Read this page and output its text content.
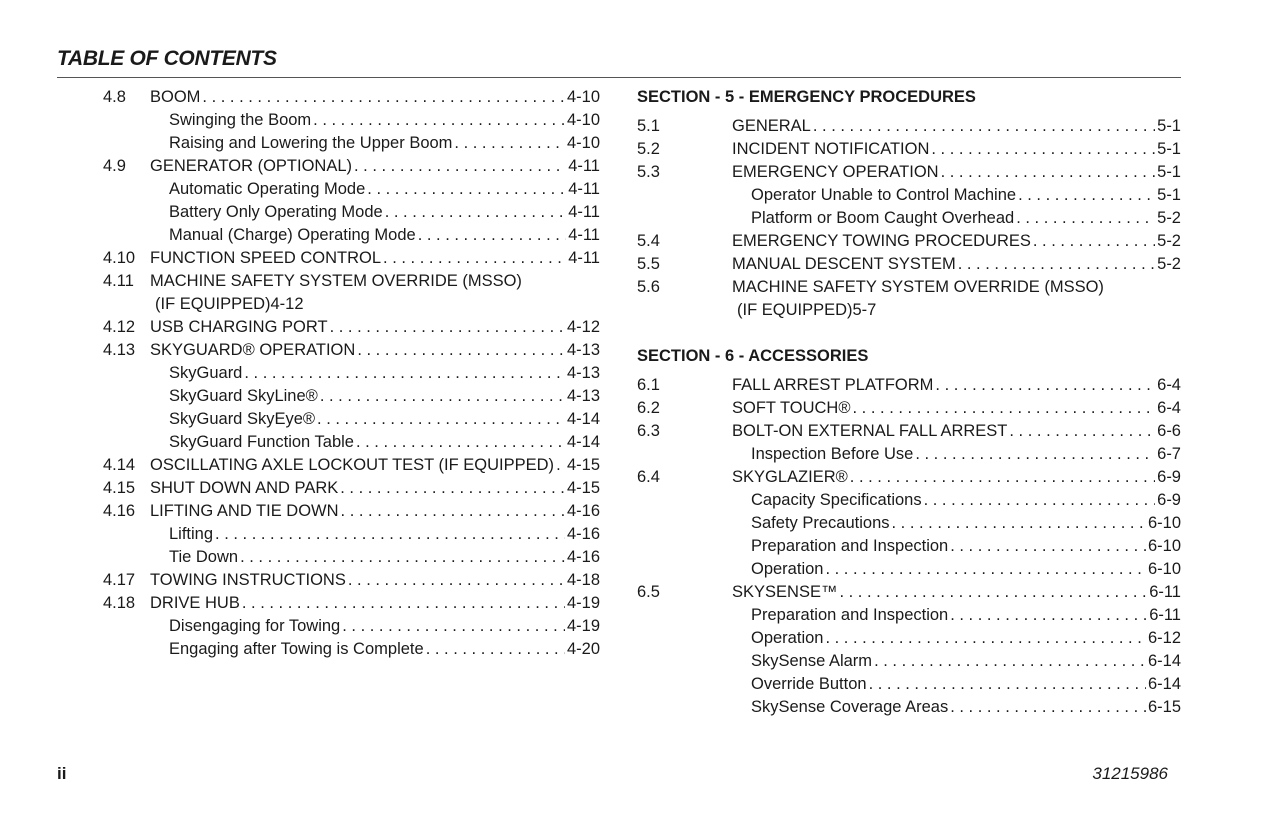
TABLE OF CONTENTS
4.8	BOOM . . .	4-10
Swinging the Boom . . .	4-10
Raising and Lowering the Upper Boom . . .	4-10
4.9	GENERATOR (OPTIONAL) . . .	4-11
Automatic Operating Mode . . .	4-11
Battery Only Operating Mode . . .	4-11
Manual (Charge) Operating Mode . . .	4-11
4.10 FUNCTION SPEED CONTROL . . .	4-11
4.11 MACHINE SAFETY SYSTEM OVERRIDE (MSSO)
(IF EQUIPPED)4-12
4.12 USB CHARGING PORT . . .	4-12
4.13 SKYGUARD® OPERATION . . .	4-13
SkyGuard . . .	4-13
SkyGuard SkyLine® . . .	4-13
SkyGuard SkyEye® . . .	4-14
SkyGuard Function Table . . .	4-14
4.14 OSCILLATING AXLE LOCKOUT TEST (IF EQUIPPED) . . . 4-15
4.15 SHUT DOWN AND PARK . . .	4-15
4.16 LIFTING AND TIE DOWN . . .	4-16
Lifting . . .	4-16
Tie Down . . .	4-16
4.17 TOWING INSTRUCTIONS . . .	4-18
4.18 DRIVE HUB . . .	4-19
Disengaging for Towing . . .	4-19
Engaging after Towing is Complete . . .	4-20
SECTION - 5 - EMERGENCY PROCEDURES
5.1	GENERAL . . .	5-1
5.2	INCIDENT NOTIFICATION . . .	5-1
5.3	EMERGENCY OPERATION . . .	5-1
Operator Unable to Control Machine . . .	5-1
Platform or Boom Caught Overhead . . .	5-2
5.4	EMERGENCY TOWING PROCEDURES . . .	5-2
5.5	MANUAL DESCENT SYSTEM . . .	5-2
5.6	MACHINE SAFETY SYSTEM OVERRIDE (MSSO)
(IF EQUIPPED)5-7
SECTION - 6 - ACCESSORIES
6.1	FALL ARREST PLATFORM . . .	6-4
6.2	SOFT TOUCH® . . .	6-4
6.3	BOLT-ON EXTERNAL FALL ARREST . . .	6-6
Inspection Before Use . . .	6-7
6.4	SKYGLAZIER® . . .	6-9
Capacity Specifications . . .	6-9
Safety Precautions . . .	6-10
Preparation and Inspection . . .	6-10
Operation . . .	6-10
6.5	SKYSENSE™ . . .	6-11
Preparation and Inspection . . .	6-11
Operation . . .	6-12
SkySense Alarm . . .	6-14
Override Button . . .	6-14
SkySense Coverage Areas . . .	6-15
ii	31215986
